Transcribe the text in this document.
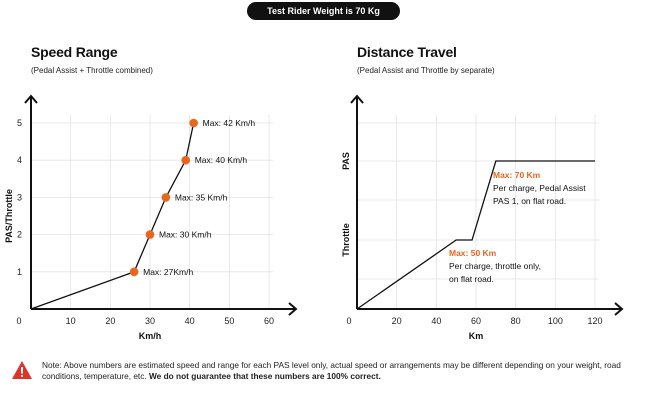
Test Rider Weight is 70 Kg
Speed Range
(Pedal Assist + Throttle combined)
Distance Travel
(Pedal Assist and Throttle by separate)
0	10	20	30	40	50	60
1
2
3
4
5
Max: 27Km/h
Max: 30 Km/h
Max: 35 Km/h
Max: 40 Km/h
Max: 42 Km/h
Km/h
PAS/Throttle
0	20	40	60	80	100	120
Throttle
PAS
Km
Max: 70 Km
Per charge, Pedal Assist
PAS 1, on flat road.
Max: 50 Km
Per charge, throttle only,
on flat road.
Note: Above numbers are estimated speed and range for each PAS level only, actual speed or arrangements may be different depending on your weight, road conditions, temperature, etc. We do not guarantee that these numbers are 100% correct.
